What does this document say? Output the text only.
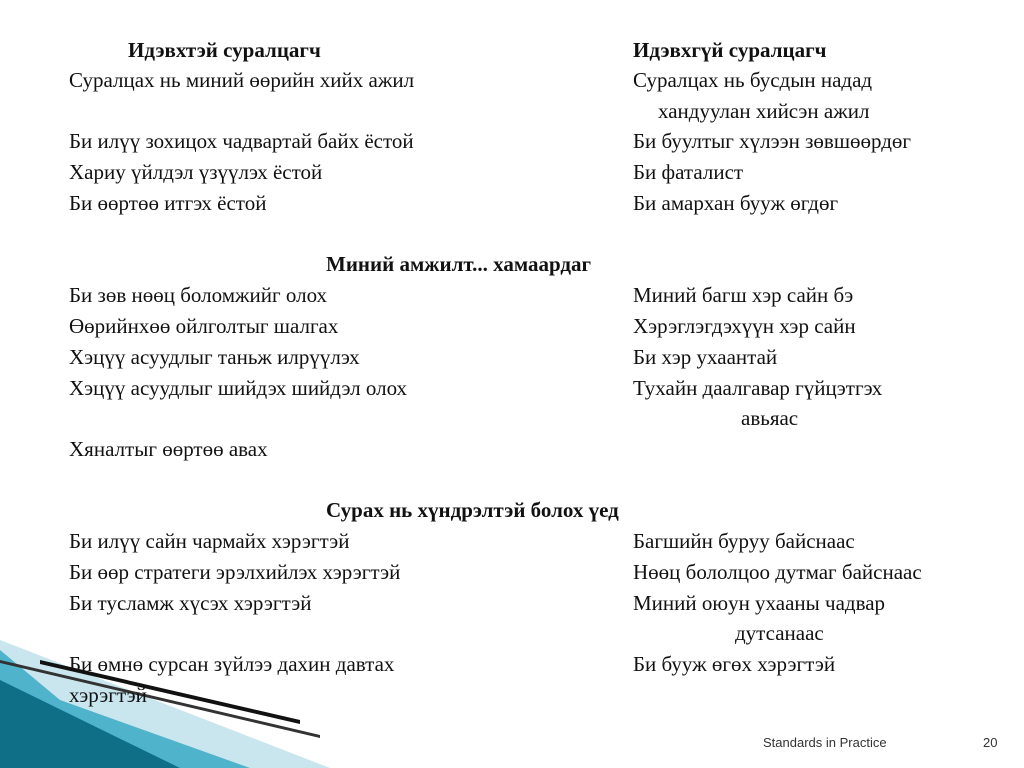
Идэвхтэй суралцагч	Идэвхгүй суралцагч
Суралцах нь миний өөрийн хийх ажил	Суралцах нь бусдын надад
хандуулан хийсэн ажил
Би илүү зохицох чадвартай байх ёстой	Би буултыг хүлээн зөвшөөрдөг
Хариу үйлдэл үзүүлэх ёстой	Би фаталист
Би өөртөө итгэх ёстой	Би амархан бууж өгдөг
Миний амжилт... хамаардаг
Би зөв нөөц боломжийг олох	Миний багш хэр сайн бэ
Өөрийнхөө ойлголтыг шалгах	Хэрэглэгдэхүүн хэр сайн
Хэцүү асуудлыг таньж илрүүлэх	Би хэр ухаантай
Хэцүү асуудлыг шийдэх шийдэл олох	Тухайн даалгавар гүйцэтгэх
авьяас
Хяналтыг өөртөө авах
Сурах нь хүндрэлтэй болох үед
Би илүү сайн чармайх хэрэгтэй	Багшийн буруу байснаас
Би өөр стратеги эрэлхийлэх хэрэгтэй	Нөөц бололцоо дутмаг байснаас
Би тусламж хүсэх хэрэгтэй	Миний оюун ухааны чадвар
дутсанаас
Би өмнө сурсан зүйлээ дахин давтах	Би бууж өгөх хэрэгтэй
хэрэгтэй
Standards in Practice	20
